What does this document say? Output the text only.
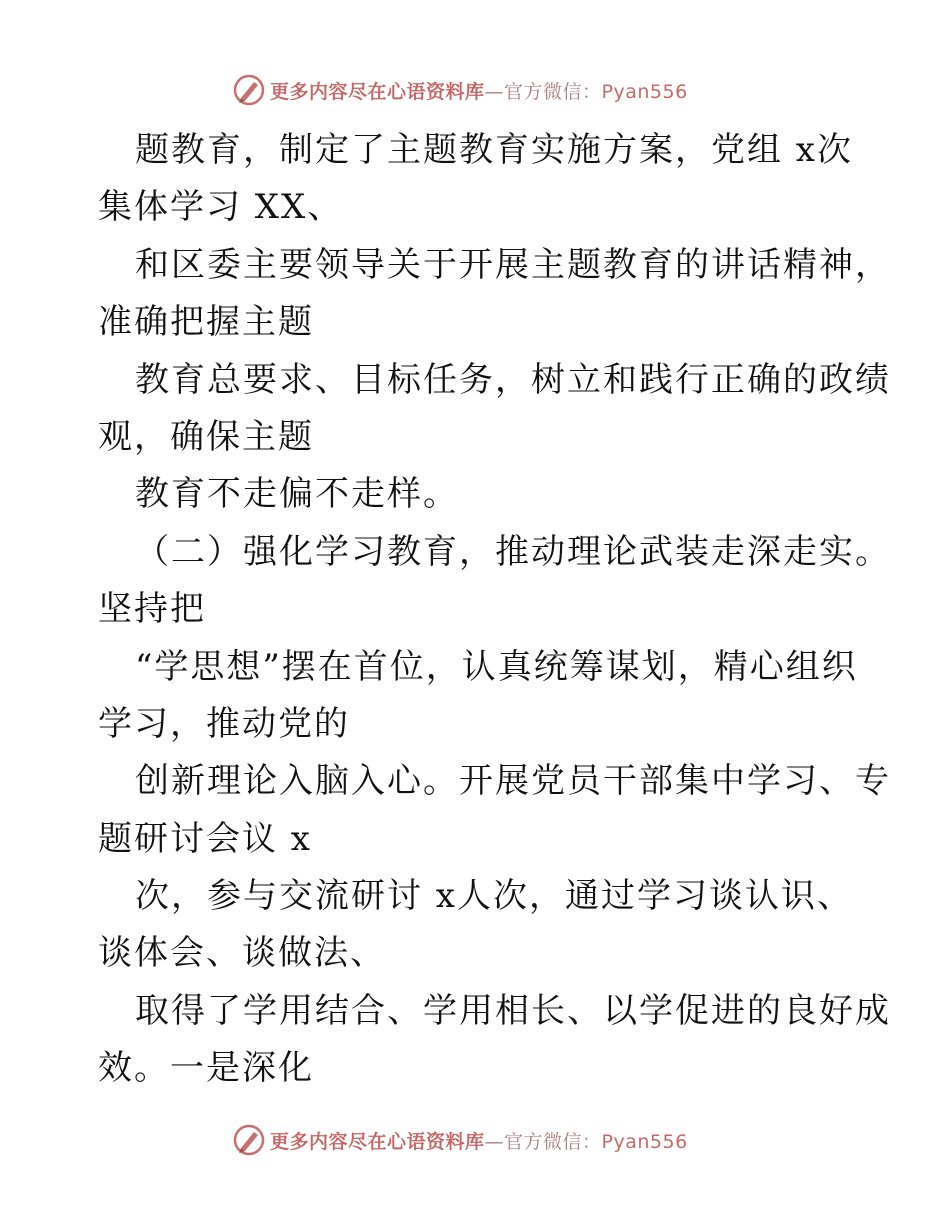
更多内容尽在心语资料库—官方微信：Pyan556
题教育，制定了主题教育实施方案，党组 x次
集体学习 XX、
和区委主要领导关于开展主题教育的讲话精神，
准确把握主题
教育总要求、目标任务，树立和践行正确的政绩
观，确保主题
教育不走偏不走样。
（二）强化学习教育，推动理论武装走深走实。
坚持把
“学思想”摆在首位，认真统筹谋划，精心组织
学习，推动党的
创新理论入脑入心。开展党员干部集中学习、专
题研讨会议 x
次，参与交流研讨 x人次，通过学习谈认识、
谈体会、谈做法、
取得了学用结合、学用相长、以学促进的良好成
效。一是深化
更多内容尽在心语资料库—官方微信：Pyan556
